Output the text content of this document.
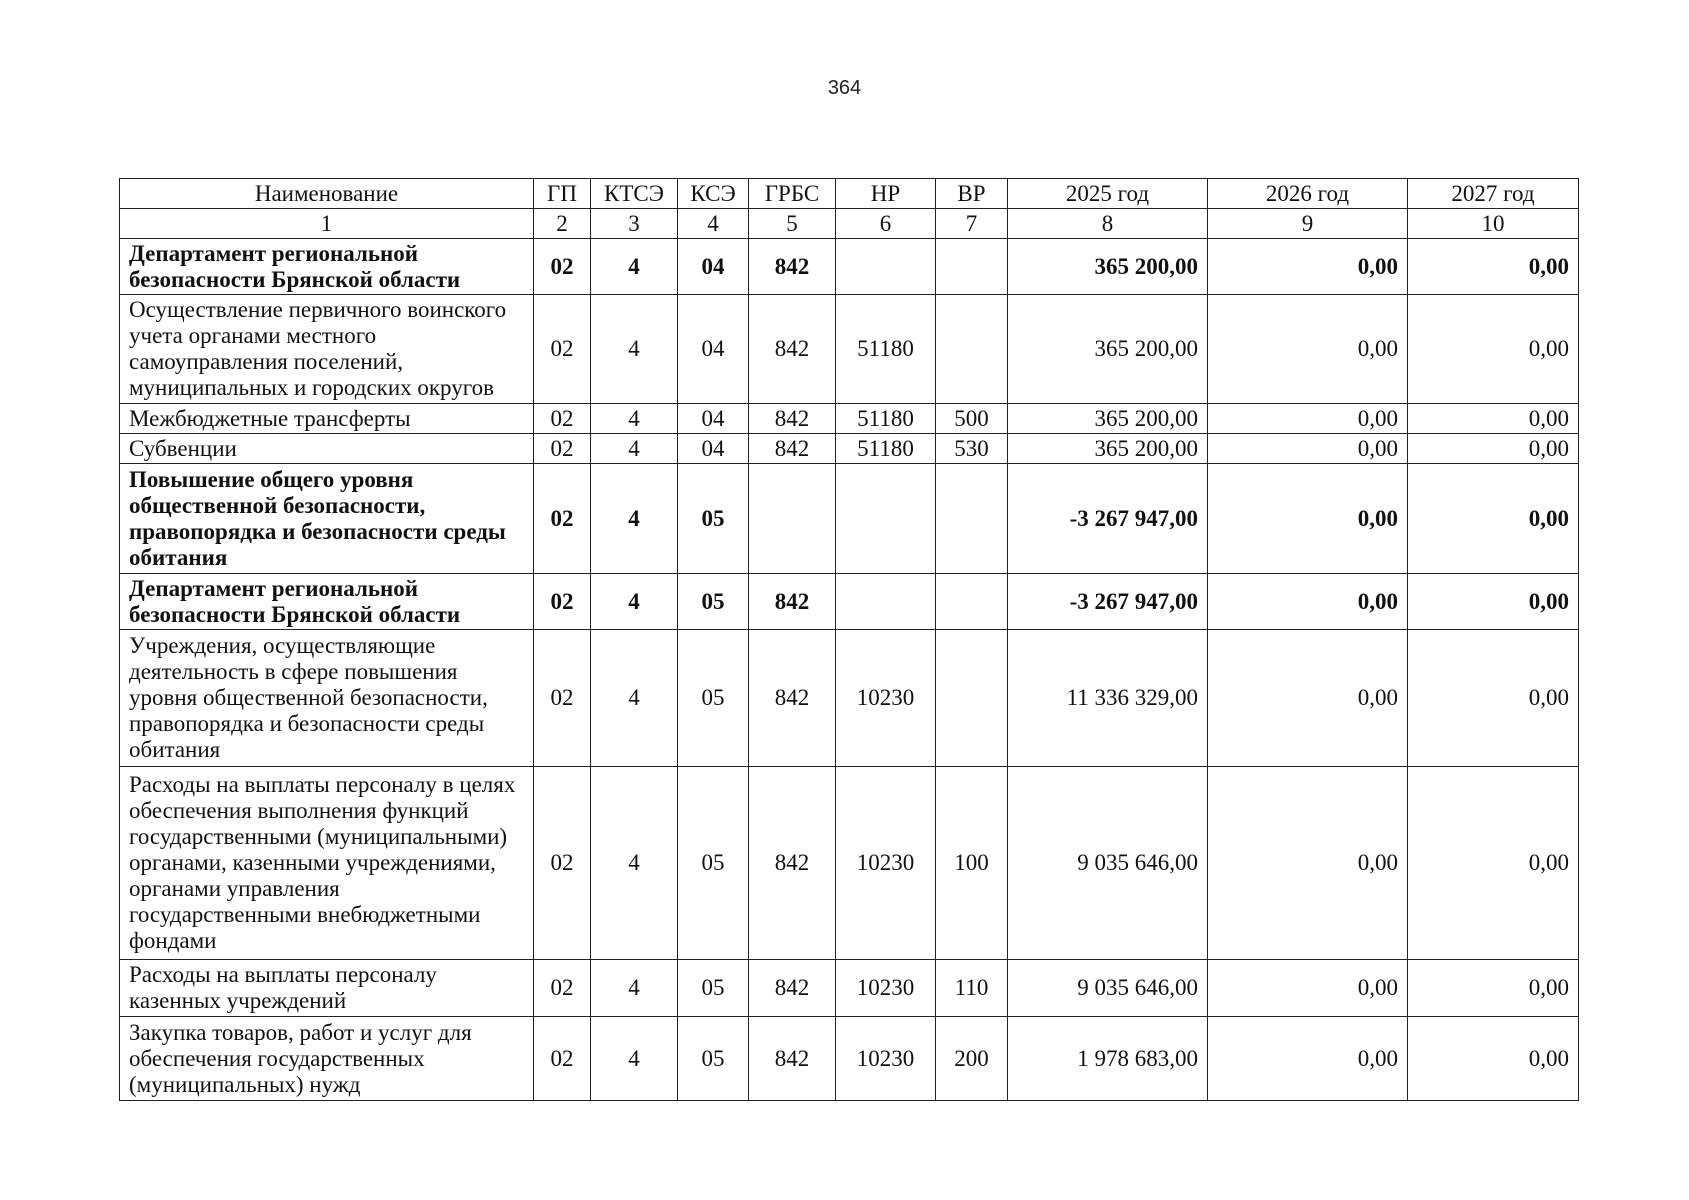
364
Наименование	ГП	КТСЭ	КСЭ	ГРБС	НР	ВР	2025 год	2026 год	2027 год
1	2	3	4	5	6	7	8	9	10
Департамент региональной безопасности Брянской области	02	4	04	842			365 200,00	0,00	0,00
Осуществление первичного воинского учета органами местного самоуправления поселений, муниципальных и городских округов	02	4	04	842	51180		365 200,00	0,00	0,00
Межбюджетные трансферты	02	4	04	842	51180	500	365 200,00	0,00	0,00
Субвенции	02	4	04	842	51180	530	365 200,00	0,00	0,00
Повышение общего уровня общественной безопасности, правопорядка и безопасности среды обитания	02	4	05				-3 267 947,00	0,00	0,00
Департамент региональной безопасности Брянской области	02	4	05	842			-3 267 947,00	0,00	0,00
Учреждения, осуществляющие деятельность в сфере повышения уровня общественной безопасности, правопорядка и безопасности среды обитания	02	4	05	842	10230		11 336 329,00	0,00	0,00
Расходы на выплаты персоналу в целях обеспечения выполнения функций государственными (муниципальными) органами, казенными учреждениями, органами управления государственными внебюджетными фондами	02	4	05	842	10230	100	9 035 646,00	0,00	0,00
Расходы на выплаты персоналу казенных учреждений	02	4	05	842	10230	110	9 035 646,00	0,00	0,00
Закупка товаров, работ и услуг для обеспечения государственных (муниципальных) нужд	02	4	05	842	10230	200	1 978 683,00	0,00	0,00
